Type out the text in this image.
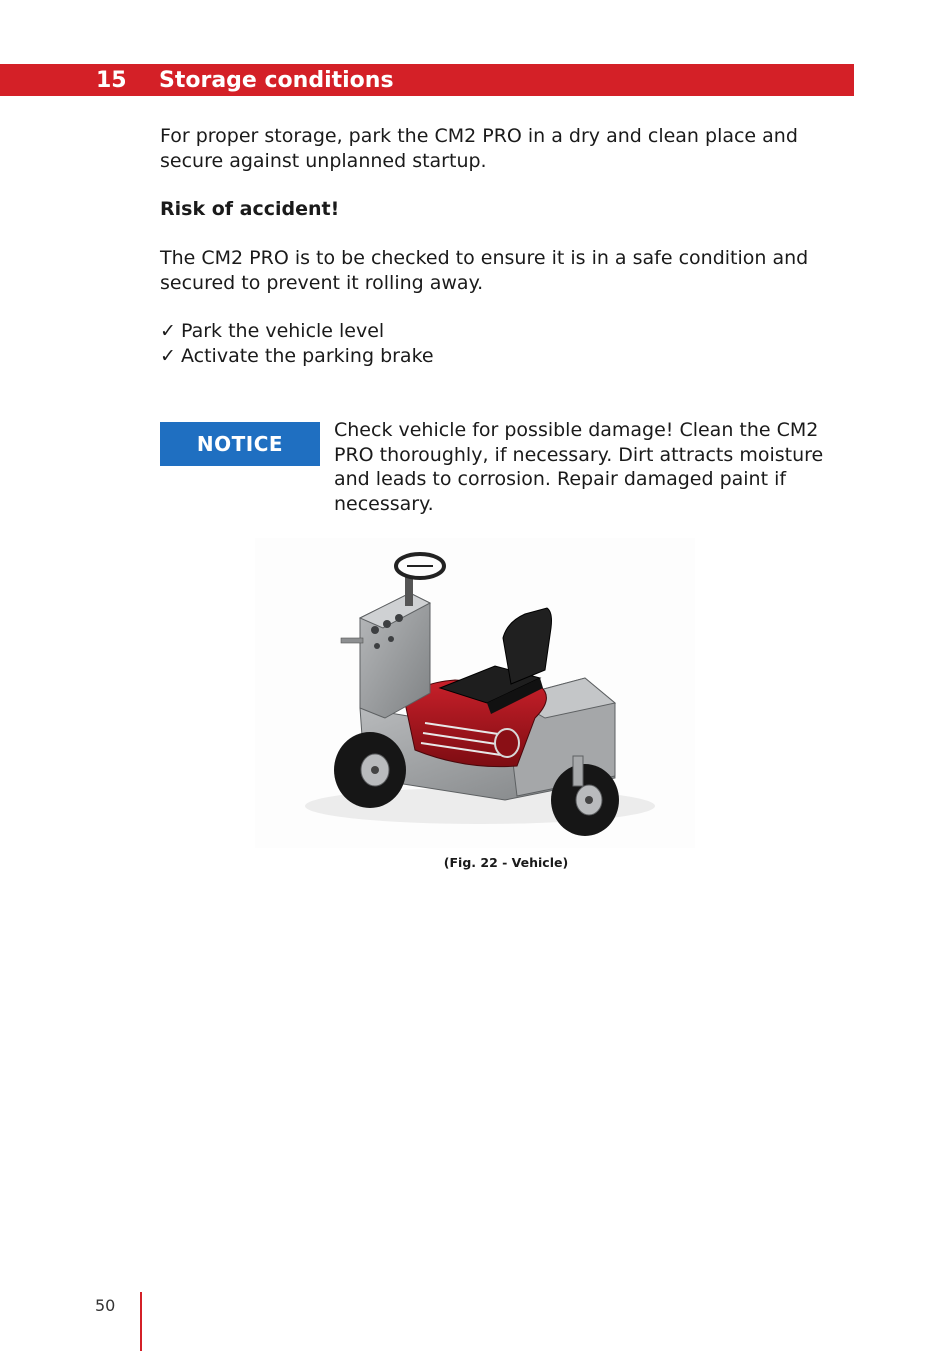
15 Storage conditions

For proper storage, park the CM2 PRO in a dry and clean place and secure against unplanned startup.

Risk of accident!

The CM2 PRO is to be checked to ensure it is in a safe condition and secured to prevent it rolling away.

✓ Park the vehicle level
✓ Activate the parking brake
NOTICE

Check vehicle for possible damage! Clean the CM2 PRO thoroughly, if necessary. Dirt attracts moisture and leads to corrosion. Repair damaged paint if necessary.

(Fig. 22 - Vehicle)
50
